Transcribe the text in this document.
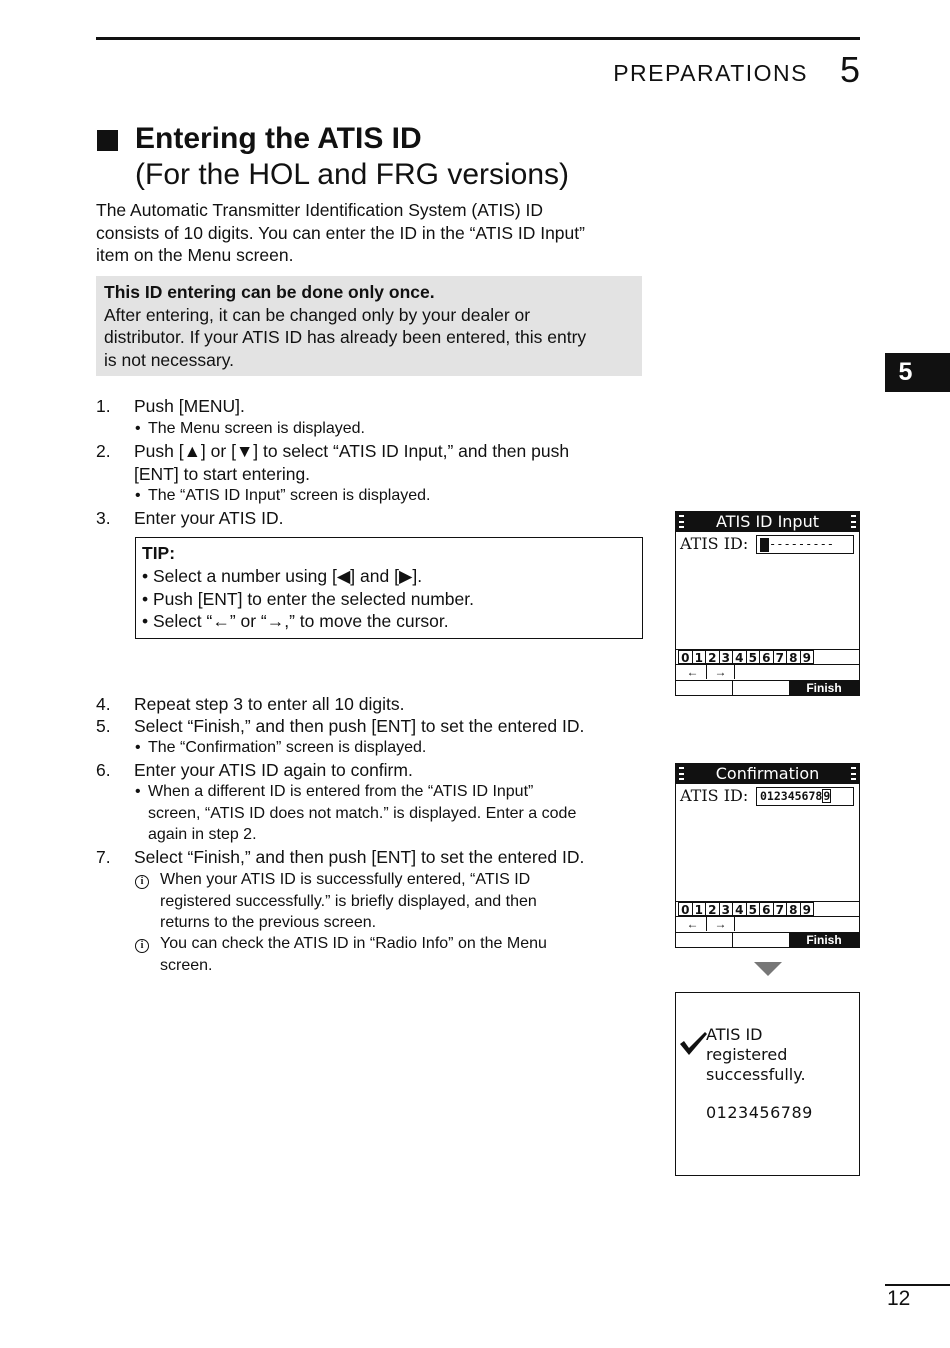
PREPARATIONS 5
Entering the ATIS ID
(For the HOL and FRG versions)
The Automatic Transmitter Identification System (ATIS) ID
consists of 10 digits. You can enter the ID in the “ATIS ID Input”
item on the Menu screen.
This ID entering can be done only once.
After entering, it can be changed only by your dealer or
distributor. If your ATIS ID has already been entered, this entry
is not necessary.
1. Push [MENU].
• The Menu screen is displayed.
2. Push [▲] or [▼] to select “ATIS ID Input,” and then push
[ENT] to start entering.
• The “ATIS ID Input” screen is displayed.
3. Enter your ATIS ID.
TIP:
• Select a number using [◀] and [▶].
• Push [ENT] to enter the selected number.
• Select “←” or “→,” to move the cursor.
4. Repeat step 3 to enter all 10 digits.
5. Select “Finish,” and then push [ENT] to set the entered ID.
• The “Confirmation” screen is displayed.
6. Enter your ATIS ID again to confirm.
• When a different ID is entered from the “ATIS ID Input”
screen, “ATIS ID does not match.” is displayed. Enter a code
again in step 2.
7. Select “Finish,” and then push [ENT] to set the entered ID.
i	When your ATIS ID is successfully entered, “ATIS ID
registered successfully.” is briefly displayed, and then
returns to the previous screen.
i	You can check the ATIS ID in “Radio Info” on the Menu
screen.
5
ATIS ID Input
ATIS ID:	---------
0 1 2 3 4 5 6 7 8 9
←	→
Finish
Confirmation
ATIS ID:	0123456789
0 1 2 3 4 5 6 7 8 9
←	→
Finish
ATIS ID
registered
successfully.
0123456789
12
